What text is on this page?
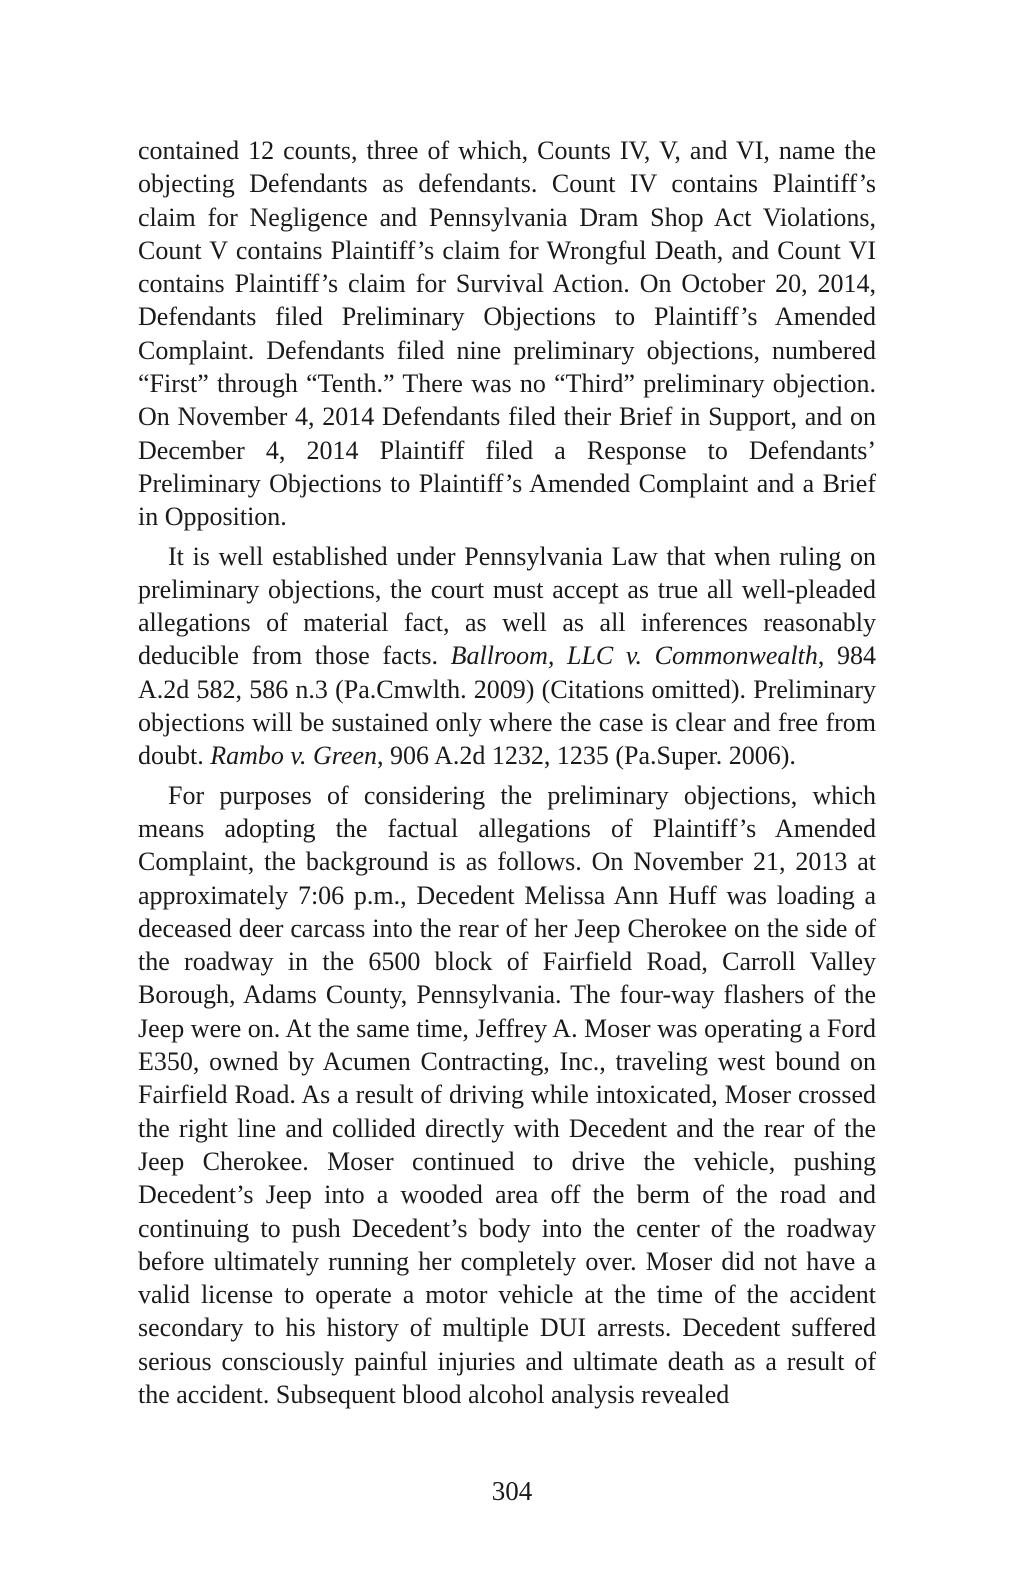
contained 12 counts, three of which, Counts IV, V, and VI, name the objecting Defendants as defendants. Count IV contains Plaintiff’s claim for Negligence and Pennsylvania Dram Shop Act Violations, Count V contains Plaintiff’s claim for Wrongful Death, and Count VI contains Plaintiff’s claim for Survival Action. On October 20, 2014, Defendants filed Preliminary Objections to Plaintiff’s Amended Complaint. Defendants filed nine preliminary objections, numbered “First” through “Tenth.” There was no “Third” preliminary objection. On November 4, 2014 Defendants filed their Brief in Support, and on December 4, 2014 Plaintiff filed a Response to Defendants’ Preliminary Objections to Plaintiff’s Amended Complaint and a Brief in Opposition.

It is well established under Pennsylvania Law that when ruling on preliminary objections, the court must accept as true all well-pleaded allegations of material fact, as well as all inferences reasonably deducible from those facts. Ballroom, LLC v. Commonwealth, 984 A.2d 582, 586 n.3 (Pa.Cmwlth. 2009) (Citations omitted). Preliminary objections will be sustained only where the case is clear and free from doubt. Rambo v. Green, 906 A.2d 1232, 1235 (Pa.Super. 2006).

For purposes of considering the preliminary objections, which means adopting the factual allegations of Plaintiff’s Amended Complaint, the background is as follows. On November 21, 2013 at approximately 7:06 p.m., Decedent Melissa Ann Huff was loading a deceased deer carcass into the rear of her Jeep Cherokee on the side of the roadway in the 6500 block of Fairfield Road, Carroll Valley Borough, Adams County, Pennsylvania. The four-way flashers of the Jeep were on. At the same time, Jeffrey A. Moser was operating a Ford E350, owned by Acumen Contracting, Inc., traveling west bound on Fairfield Road. As a result of driving while intoxicated, Moser crossed the right line and collided directly with Decedent and the rear of the Jeep Cherokee. Moser continued to drive the vehicle, pushing Decedent’s Jeep into a wooded area off the berm of the road and continuing to push Decedent’s body into the center of the roadway before ultimately running her completely over. Moser did not have a valid license to operate a motor vehicle at the time of the accident secondary to his history of multiple DUI arrests. Decedent suffered serious consciously painful injuries and ultimate death as a result of the accident. Subsequent blood alcohol analysis revealed

304
